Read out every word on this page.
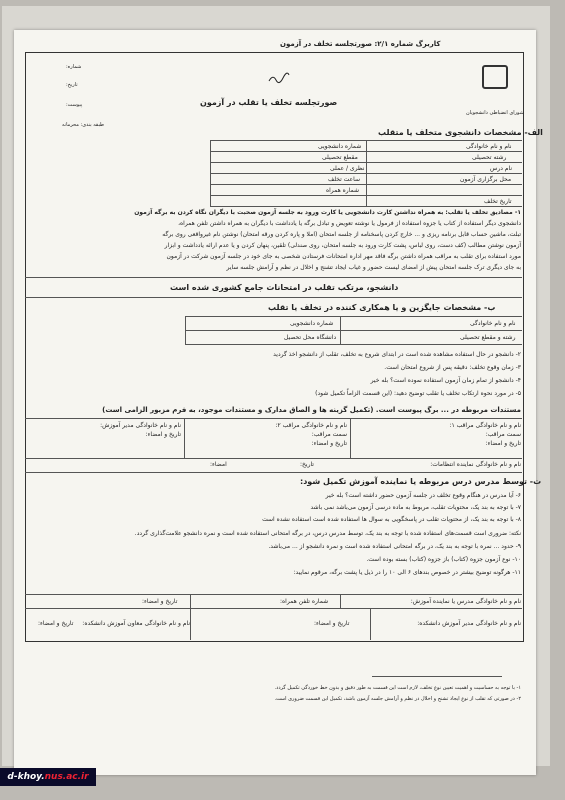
کاربرگ شماره ۲/۱: صورتجلسه تخلف در آزمون
شماره:
تاریخ:
پیوست:
طبقه بندی: محرمانه
صورتجلسه تخلف یا تقلب در آزمون
شورای انضباطی دانشجویان
الف- مشخصات دانشجوی متخلف یا متقلب
نام و نام خانوادگی
رشته تحصیلی
نام درس
محل برگزاری آزمون
تاریخ تخلف
شماره دانشجویی
مقطع تحصیلی
نظری / عملی
ساعت تخلف
شماره همراه
۱- مصادیق تخلف یا تقلب: به همراه نداشتن کارت دانشجویی یا کارت ورود به جلسه آزمون صحبت با دیگران نگاه کردن به برگه آزمون
دانشجوی دیگر استفاده از کتاب یا جزوه استفاده از فرمول یا نوشته تعویض و تبادل برگه یا یادداشت با دیگران به همراه داشتن تلفن همراه،
تبلت، ماشین حساب قابل برنامه ریزی و ... خارج کردن پاسخنامه از جلسه امتحان (املا و پاره کردن ورقه امتحان) نوشتن نام غیرواقعی روی برگه
آزمون نوشتن مطالب (کف دست، روی لباس، پشت کارت ورود به جلسه امتحان، روی صندلی) تلقین، پنهان کردن و یا عدم ارائه یادداشت و ابزار
مورد استفاده برای تقلب به مراقب همراه داشتن برگه فاقد مهر اداره امتحانات فرستادن شخصی به جای خود در جلسه آزمون شرکت در آزمون
به جای دیگری ترک جلسه امتحان پیش از امضای لیست حضور و غیاب ایجاد تشنج و اخلال در نظم و آرامش جلسه سایر
دانشجو، مرتکب تقلب در امتحانات جامع کشوری شده است
ب- مشخصات جایگزین و یا همکاری کننده در تخلف یا تقلب
نام و نام خانوادگی
رشته و مقطع تحصیلی
شماره دانشجویی
دانشگاه محل تحصیل
۲- دانشجو در حال استفاده مشاهده شده است در ابتدای شروع به تخلف، تقلب از دانشجو اخذ گردید
۳- زمان وقوع تخلف: دقیقه پس از شروع امتحان است.
۴- دانشجو از تمام زمان آزمون استفاده نموده است؟ بله خیر
۵- در مورد نحوه ارتکاب تخلف یا تقلب توضیح دهید: (این قسمت الزاماً تکمیل شود)
مستندات مربوطه در ... برگ پیوست است. (تکمیل گزینه ها و الصاق مدارک و مستندات موجود، به فرم مزبور الزامی است)
نام و نام خانوادگی مراقب ۱:
سمت مراقب:
تاریخ و امضاء:
نام و نام خانوادگی مراقب ۲:
سمت مراقب:
تاریخ و امضاء:
نام و نام خانوادگی مدیر آموزش:
تاریخ و امضاء:
نام و نام خانوادگی نماینده انتظامات:
تاریخ:
امضاء:
ت- توسط مدرس درس مربوطه یا نماینده آموزش تکمیل شود:
۶- آیا مدرس در هنگام وقوع تخلف در جلسه آزمون حضور داشته است؟ بله خیر
۷- با توجه به بند یک، محتویات تقلب، مربوط به ماده درسی آزمون می‌باشد نمی باشد
۸- با توجه به بند یک، از محتویات تقلب در پاسخگویی به سوال ها استفاده شده است استفاده نشده است
نکته: ضروری است قسمت‌های استفاده شده با توجه به بند یک، توسط مدرس درس، در برگه امتحانی استفاده شده است و نمره دانشجو علامت‌گذاری گردد.
۹- حدود ... نمره با توجه به بند یک، در برگه امتحانی استفاده شده است و نمره دانشجو از ... می‌باشد.
۱۰- نوع آزمون جزوه (کتاب) باز جزوه (کتاب) بسته بوده است.
۱۱- هرگونه توضیح بیشتر در خصوص بندهای ۶ الی ۱۰ را در ذیل یا پشت برگه، مرقوم نمایید:
نام و نام خانوادگی مدرس یا نماینده آموزش:
شماره تلفن همراه:
تاریخ و امضاء:
نام و نام خانوادگی مدیر آموزش دانشکده:
تاریخ و امضاء:
نام و نام خانوادگی معاون آموزش دانشکده:
تاریخ و امضاء:
۱- با توجه به حساسیت و اهمیت تعیین نوع تخلف، لازم است این قسمت به طور دقیق و بدون خط خوردگی تکمیل گردد.
۲- در صورتی که تقلب از نوع ایجاد تشنج و اخلال در نظم و آرامش جلسه آزمون باشد، تکمیل این قسمت ضروری است.
d-khoy.nus.ac.ir
